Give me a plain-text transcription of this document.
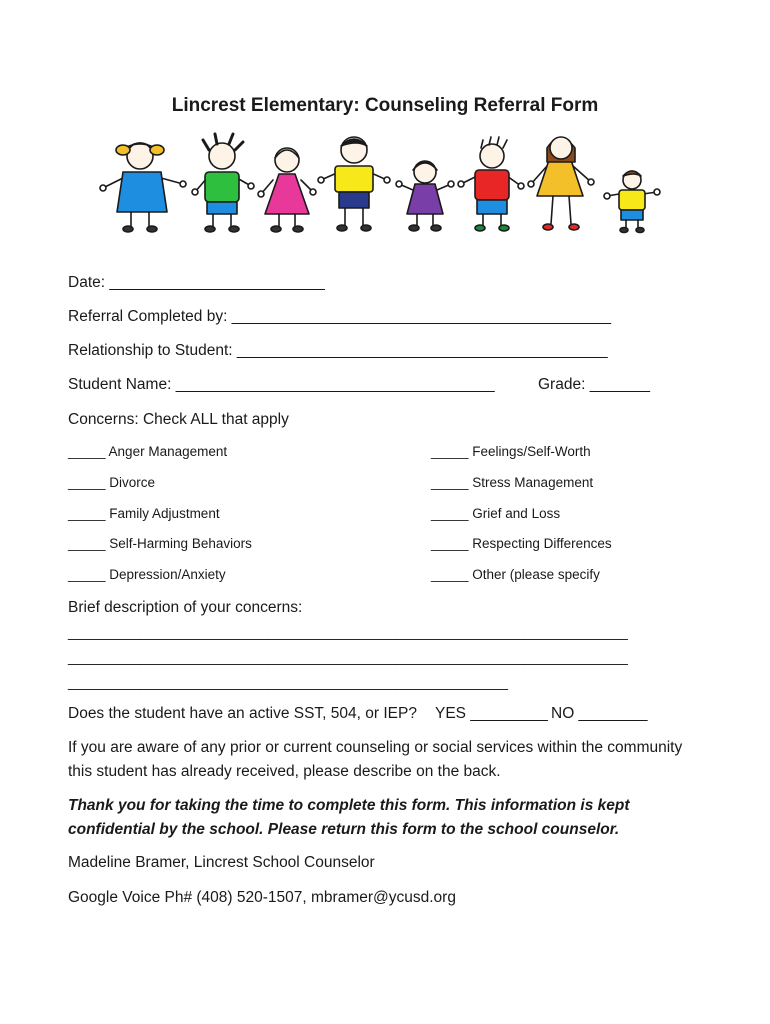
Lincrest Elementary: Counseling Referral Form
Date: _________________________
Referral Completed by: ____________________________________________
Relationship to Student: ___________________________________________
Student Name: _____________________________________	Grade: _______
Concerns: Check ALL that apply
_____ Anger Management
_____ Divorce
_____ Family Adjustment
_____ Self-Harming Behaviors
_____ Depression/Anxiety
_____ Feelings/Self-Worth
_____ Stress Management
_____ Grief and Loss
_____ Respecting Differences
_____ Other (please specify
Brief description of your concerns:
______________________________________________________________________
______________________________________________________________________
_______________________________________________________
Does the student have an active SST, 504, or IEP? YES _________ NO ________
If you are aware of any prior or current counseling or social services within the community this student has already received, please describe on the back.
Thank you for taking the time to complete this form. This information is kept confidential by the school. Please return this form to the school counselor.
Madeline Bramer, Lincrest School Counselor
Google Voice Ph# (408) 520-1507, mbramer@ycusd.org
